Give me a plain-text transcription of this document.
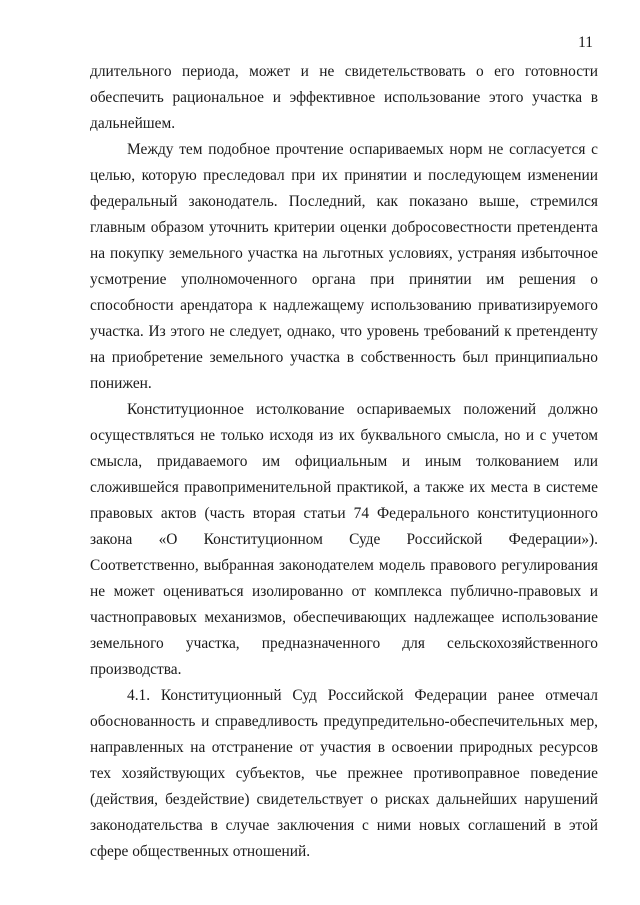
11

длительного периода, может и не свидетельствовать о его готовности обеспечить рациональное и эффективное использование этого участка в дальнейшем.

Между тем подобное прочтение оспариваемых норм не согласуется с целью, которую преследовал при их принятии и последующем изменении федеральный законодатель. Последний, как показано выше, стремился главным образом уточнить критерии оценки добросовестности претендента на покупку земельного участка на льготных условиях, устраняя избыточное усмотрение уполномоченного органа при принятии им решения о способности арендатора к надлежащему использованию приватизируемого участка. Из этого не следует, однако, что уровень требований к претенденту на приобретение земельного участка в собственность был принципиально понижен.

Конституционное истолкование оспариваемых положений должно осуществляться не только исходя из их буквального смысла, но и с учетом смысла, придаваемого им официальным и иным толкованием или сложившейся правоприменительной практикой, а также их места в системе правовых актов (часть вторая статьи 74 Федерального конституционного закона «О Конституционном Суде Российской Федерации»). Соответственно, выбранная законодателем модель правового регулирования не может оцениваться изолированно от комплекса публично-правовых и частноправовых механизмов, обеспечивающих надлежащее использование земельного участка, предназначенного для сельскохозяйственного производства.

4.1. Конституционный Суд Российской Федерации ранее отмечал обоснованность и справедливость предупредительно-обеспечительных мер, направленных на отстранение от участия в освоении природных ресурсов тех хозяйствующих субъектов, чье прежнее противоправное поведение (действия, бездействие) свидетельствует о рисках дальнейших нарушений законодательства в случае заключения с ними новых соглашений в этой сфере общественных отношений.
